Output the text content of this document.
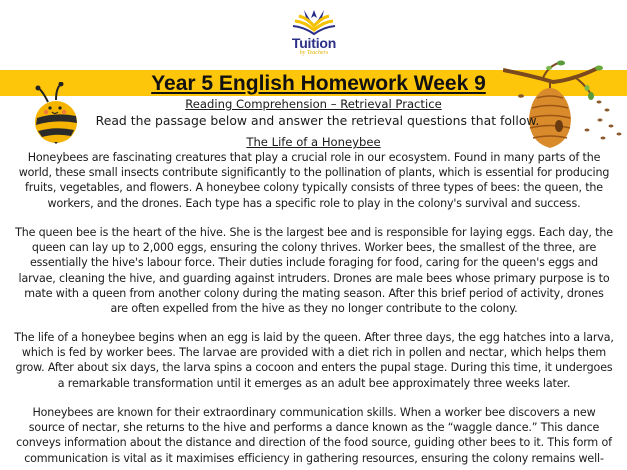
Tuition
by Teachers
Year 5 English Homework Week 9
Reading Comprehension – Retrieval Practice
Read the passage below and answer the retrieval questions that follow.
The Life of a Honeybee
Honeybees are fascinating creatures that play a crucial role in our ecosystem. Found in many parts of the world, these small insects contribute significantly to the pollination of plants, which is essential for producing fruits, vegetables, and flowers. A honeybee colony typically consists of three types of bees: the queen, the workers, and the drones. Each type has a specific role to play in the colony's survival and success.
The queen bee is the heart of the hive. She is the largest bee and is responsible for laying eggs. Each day, the queen can lay up to 2,000 eggs, ensuring the colony thrives. Worker bees, the smallest of the three, are essentially the hive's labour force. Their duties include foraging for food, caring for the queen's eggs and larvae, cleaning the hive, and guarding against intruders. Drones are male bees whose primary purpose is to mate with a queen from another colony during the mating season. After this brief period of activity, drones are often expelled from the hive as they no longer contribute to the colony.
The life of a honeybee begins when an egg is laid by the queen. After three days, the egg hatches into a larva, which is fed by worker bees. The larvae are provided with a diet rich in pollen and nectar, which helps them grow. After about six days, the larva spins a cocoon and enters the pupal stage. During this time, it undergoes a remarkable transformation until it emerges as an adult bee approximately three weeks later.
Honeybees are known for their extraordinary communication skills. When a worker bee discovers a new source of nectar, she returns to the hive and performs a dance known as the “waggle dance.” This dance conveys information about the distance and direction of the food source, guiding other bees to it. This form of communication is vital as it maximises efficiency in gathering resources, ensuring the colony remains well-
